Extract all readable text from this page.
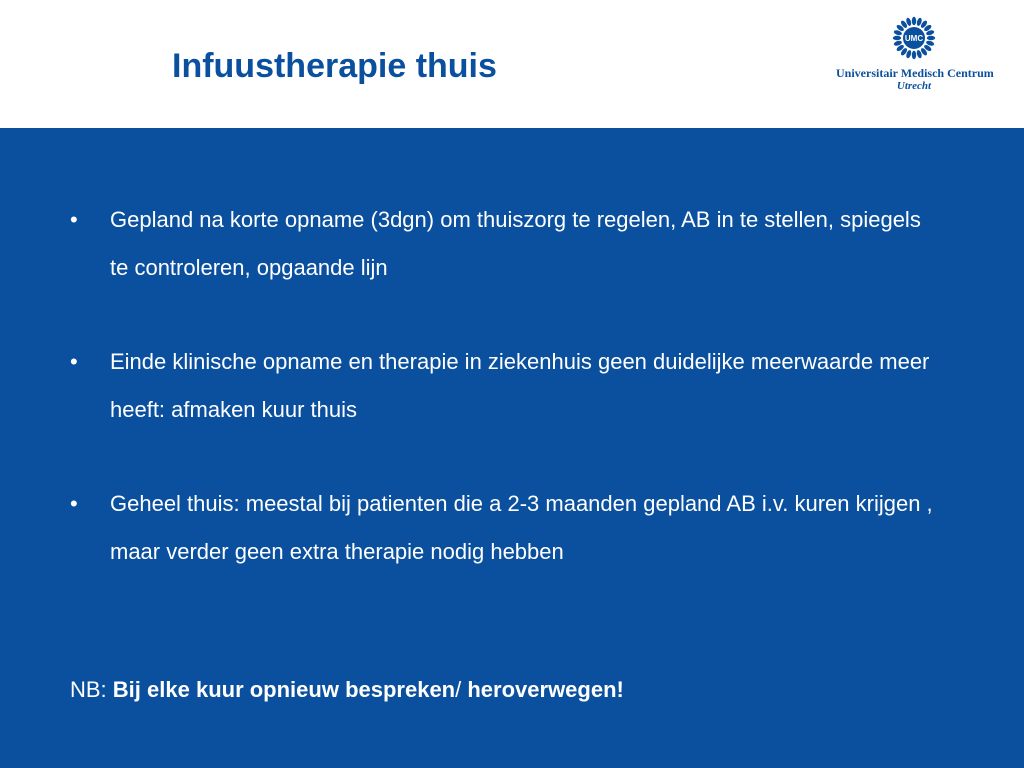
Infuustherapie thuis
UMC
Universitair Medisch Centrum
Utrecht
•	Gepland na korte opname (3dgn) om thuiszorg te regelen, AB in te stellen, spiegels te controleren, opgaande lijn
•	Einde klinische opname en therapie in ziekenhuis geen duidelijke meerwaarde meer heeft: afmaken kuur thuis
•	Geheel thuis: meestal bij patienten die a 2-3 maanden gepland AB i.v. kuren krijgen , maar verder geen extra therapie nodig hebben

NB: Bij elke kuur opnieuw bespreken/ heroverwegen!
